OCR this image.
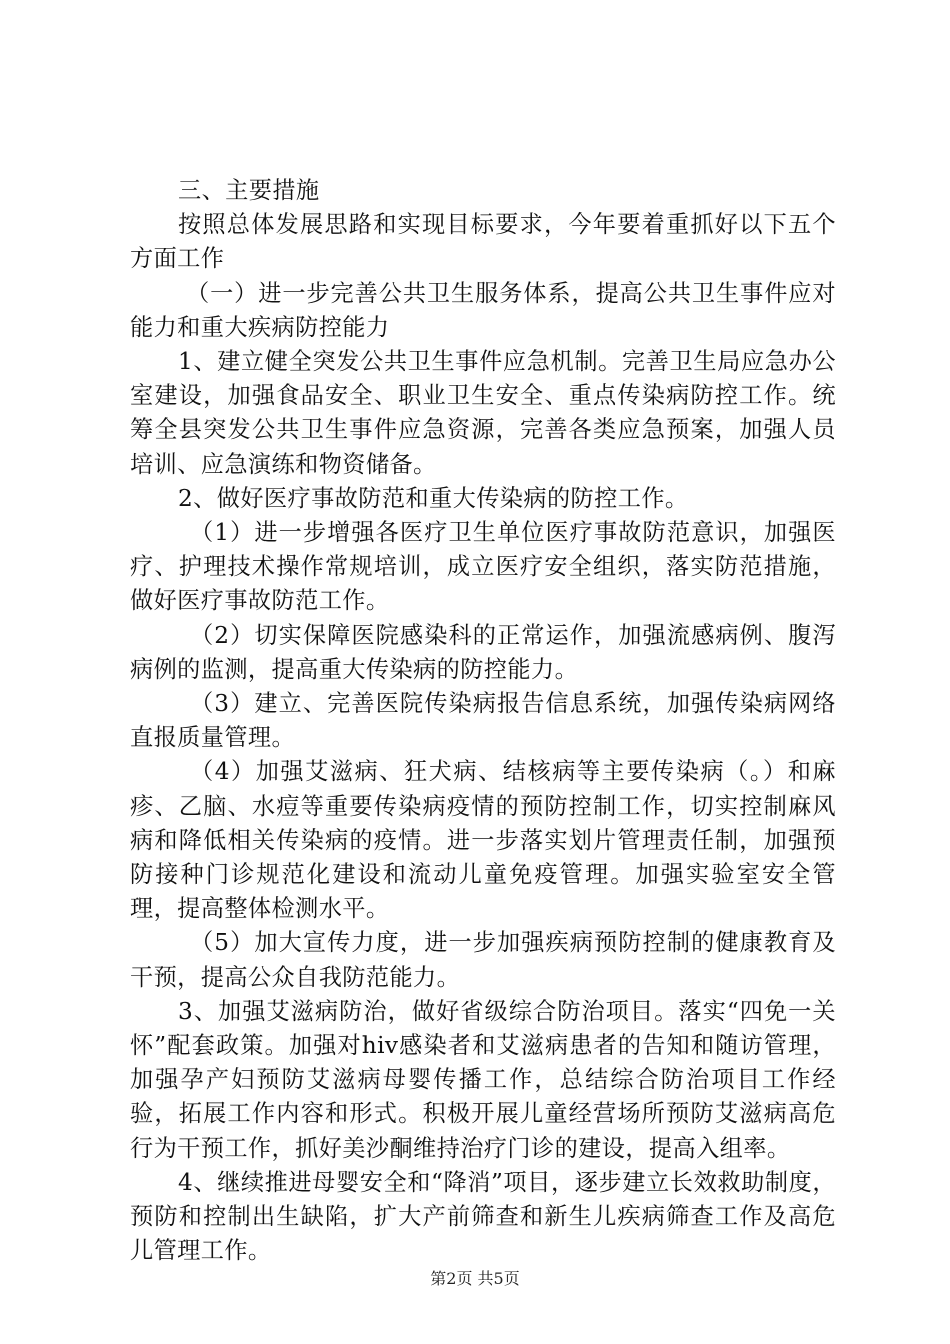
三、主要措施

按照总体发展思路和实现目标要求，今年要着重抓好以下五个方面工作

（一）进一步完善公共卫生服务体系，提高公共卫生事件应对能力和重大疾病防控能力

1、建立健全突发公共卫生事件应急机制。完善卫生局应急办公室建设，加强食品安全、职业卫生安全、重点传染病防控工作。统筹全县突发公共卫生事件应急资源，完善各类应急预案，加强人员培训、应急演练和物资储备。

2、做好医疗事故防范和重大传染病的防控工作。

（1）进一步增强各医疗卫生单位医疗事故防范意识，加强医疗、护理技术操作常规培训，成立医疗安全组织，落实防范措施，做好医疗事故防范工作。

（2）切实保障医院感染科的正常运作，加强流感病例、腹泻病例的监测，提高重大传染病的防控能力。

（3）建立、完善医院传染病报告信息系统，加强传染病网络直报质量管理。

（4）加强艾滋病、狂犬病、结核病等主要传染病（。）和麻疹、乙脑、水痘等重要传染病疫情的预防控制工作，切实控制麻风病和降低相关传染病的疫情。进一步落实划片管理责任制，加强预防接种门诊规范化建设和流动儿童免疫管理。加强实验室安全管理，提高整体检测水平。

（5）加大宣传力度，进一步加强疾病预防控制的健康教育及干预，提高公众自我防范能力。

3、加强艾滋病防治，做好省级综合防治项目。落实“四免一关怀”配套政策。加强对hiv感染者和艾滋病患者的告知和随访管理，加强孕产妇预防艾滋病母婴传播工作，总结综合防治项目工作经验，拓展工作内容和形式。积极开展儿童经营场所预防艾滋病高危行为干预工作，抓好美沙酮维持治疗门诊的建设，提高入组率。

4、继续推进母婴安全和“降消”项目，逐步建立长效救助制度，预防和控制出生缺陷，扩大产前筛查和新生儿疾病筛查工作及高危儿管理工作。

第2页 共5页
